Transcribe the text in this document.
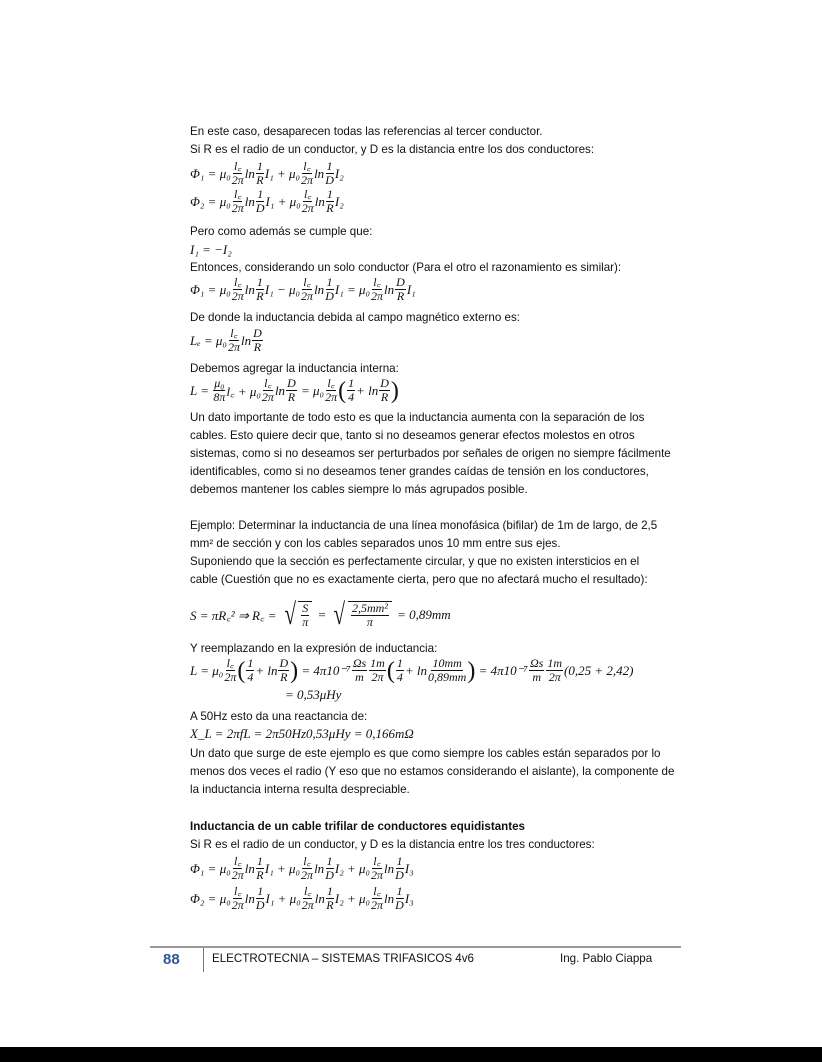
En este caso, desaparecen todas las referencias al tercer conductor.
Si R es el radio de un conductor, y D es la distancia entre los dos conductores:
$\Phi_1 = \mu_0 \frac{l꜀}{2\pi}$ $\ln \frac{1}{R} I_1 + \mu_0 \frac{l꜀}{2\pi}$ $\ln \frac{1}{D} I_2$
$\Phi_2 = \mu_0 \frac{l꜀}{2\pi}$ $\ln \frac{1}{D} I_1 + \mu_0 \frac{l꜀}{2\pi}$ $\ln \frac{1}{R} I_2$
Pero como además se cumple que:
I₁ = −I₂
Entonces, considerando un solo conductor (Para el otro el razonamiento es similar):
$\Phi_1 = \mu_0 \frac{l꜀}{2\pi}$ $\ln \frac{1}{R} I_1 - \mu_0 \frac{l꜀}{2\pi}$ $\ln \frac{1}{D} I_1 = \mu_0 \frac{l꜀}{2\pi}$ $\ln \frac{D}{R} I_1$
De donde la inductancia debida al campo magnético externo es:
$L_e = \mu_0 \frac{l꜀}{2\pi}$ $\ln \frac{D}{R}$
Debemos agregar la inductancia interna:
$L = \frac{\text{μ₀}}{8\pi}$ l꜀ + $\mu_0 \frac{l꜀}{2\pi}$ $\ln \frac{D}{R} = \mu_0 \frac{l꜀}{2\pi}$ ( $\frac{1}{4} + \ln \frac{D}{R}$ )
Un dato importante de todo esto es que la inductancia aumenta con la separación de los
cables. Esto quiere decir que, tanto si no deseamos generar efectos molestos en otros
sistemas, como si no deseamos ser perturbados por señales de origen no siempre fácilmente
identificables, como si no deseamos tener grandes caídas de tensión en los conductores,
debemos mantener los cables siempre lo más agrupados posible.
Ejemplo: Determinar la inductancia de una línea monofásica (bifilar) de 1m de largo, de 2,5
mm² de sección y con los cables separados unos 10 mm entre sus ejes.
Suponiendo que la sección es perfectamente circular, y que no existen intersticios en el
cable (Cuestión que no es exactamente cierta, pero que no afectará mucho el resultado):
S = πR꜀² ⇒ R꜀ = √ $\frac{S}{\pi}$ = √ $\frac{\text{2,5mm²}}{\pi} = 0,89mm$
Y reemplazando en la expresión de inductancia:
$L = \mu_0 \frac{l꜀}{2\pi}$ ( $\frac{1}{4} + \ln \frac{D}{R}$ ) = $4\pi 10^{-7} \frac{\Omega s}{m} \frac{1m}{2\pi}$ ( $\frac{1}{4} + \ln \frac{10mm}{0,89mm}$ ) = $4\pi 10^{-7} \frac{\Omega s}{m} \frac{1m}{2\pi} (0,25 + 2,42)$
= 0,53μHy
A 50Hz esto da una reactancia de:
X_L = 2πfL = 2π50Hz0,53μHy = 0,166mΩ
Un dato que surge de este ejemplo es que como siempre los cables están separados por lo
menos dos veces el radio (Y eso que no estamos considerando el aislante), la componente de
la inductancia interna resulta despreciable.
Inductancia de un cable trifilar de conductores equidistantes
Si R es el radio de un conductor, y D es la distancia entre los tres conductores:
$\Phi_1 = \mu_0 \frac{l꜀}{2\pi}$ $\ln \frac{1}{R} I_1 + \mu_0 \frac{l꜀}{2\pi}$ $\ln \frac{1}{D} I_2 + \mu_0 \frac{l꜀}{2\pi}$ $\ln \frac{1}{D} I_3$
$\Phi_2 = \mu_0 \frac{l꜀}{2\pi}$ $\ln \frac{1}{D} I_1 + \mu_0 \frac{l꜀}{2\pi}$ $\ln \frac{1}{R} I_2 + \mu_0 \frac{l꜀}{2\pi}$ $\ln \frac{1}{D} I_3$
88	ELECTROTECNIA – SISTEMAS TRIFASICOS 4v6	Ing. Pablo Ciappa
